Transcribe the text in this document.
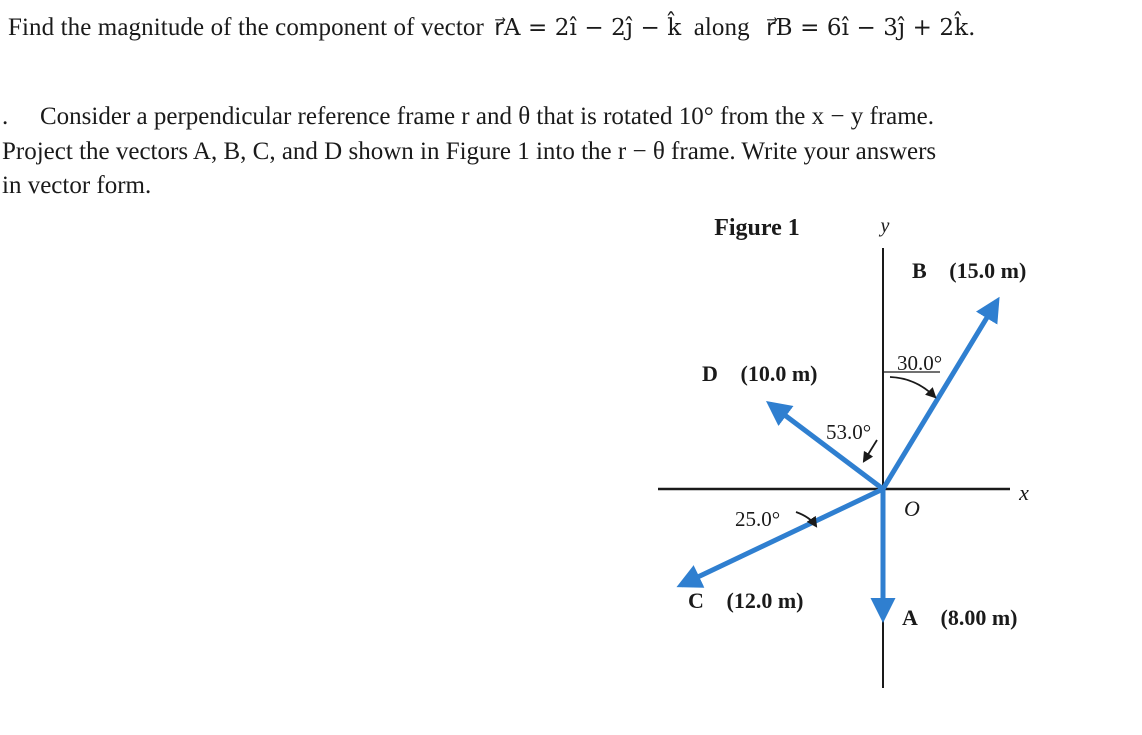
Find the magnitude of the component of vector r⃗A = 2î − 2ĵ − k̂ along r⃗B = 6î − 3ĵ + 2k̂.
. Consider a perpendicular reference frame r and θ that is rotated 10° from the x − y frame.
Project the vectors A, B, C, and D shown in Figure 1 into the r − θ frame. Write your answers
in vector form.
Figure 1	y
x
O
B⃗ (15.0 m)
D⃗ (10.0 m)
C⃗ (12.0 m)
A⃗ (8.00 m)
30.0°
53.0°
25.0°
